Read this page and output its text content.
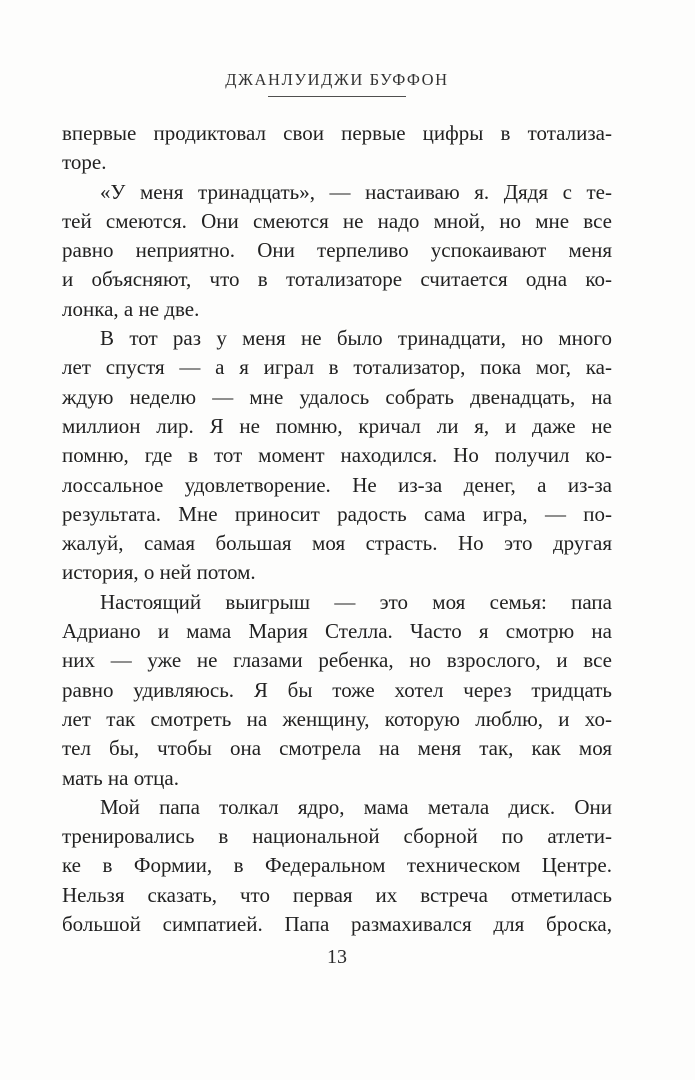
ДЖАНЛУИДЖИ БУФФОН
впервые продиктовал свои первые цифры в тотализа-
торе.
«У меня тринадцать», — настаиваю я. Дядя с те-
тей смеются. Они смеются не надо мной, но мне все
равно неприятно. Они терпеливо успокаивают меня
и объясняют, что в тотализаторе считается одна ко-
лонка, а не две.
В тот раз у меня не было тринадцати, но много
лет спустя — а я играл в тотализатор, пока мог, ка-
ждую неделю — мне удалось собрать двенадцать, на
миллион лир. Я не помню, кричал ли я, и даже не
помню, где в тот момент находился. Но получил ко-
лоссальное удовлетворение. Не из-за денег, а из-за
результата. Мне приносит радость сама игра, — по-
жалуй, самая большая моя страсть. Но это другая
история, о ней потом.
Настоящий выигрыш — это моя семья: папа
Адриано и мама Мария Стелла. Часто я смотрю на
них — уже не глазами ребенка, но взрослого, и все
равно удивляюсь. Я бы тоже хотел через тридцать
лет так смотреть на женщину, которую люблю, и хо-
тел бы, чтобы она смотрела на меня так, как моя
мать на отца.
Мой папа толкал ядро, мама метала диск. Они
тренировались в национальной сборной по атлети-
ке в Формии, в Федеральном техническом Центре.
Нельзя сказать, что первая их встреча отметилась
большой симпатией. Папа размахивался для броска,
13
